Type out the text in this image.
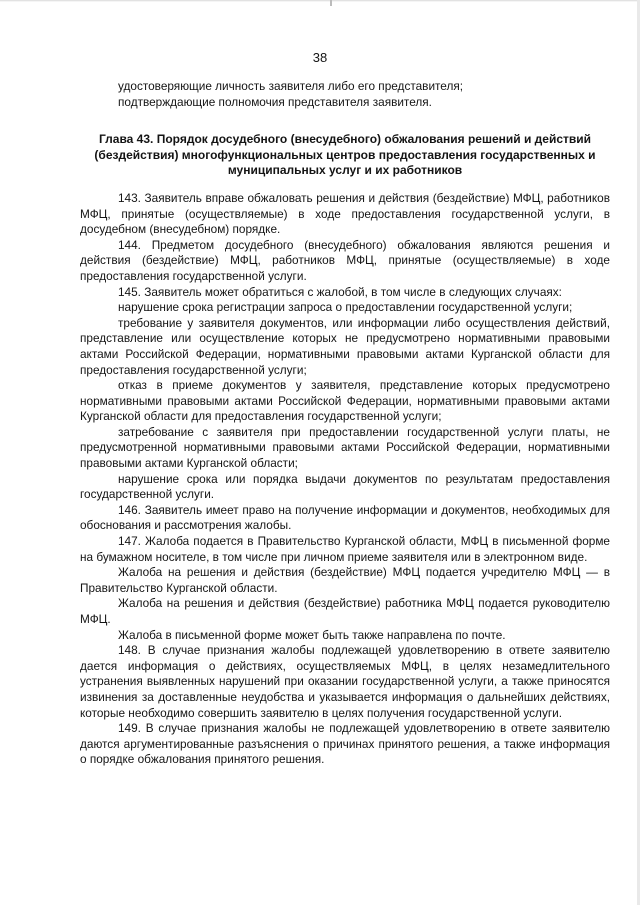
38

удостоверяющие личность заявителя либо его представителя;

подтверждающие полномочия представителя заявителя.

Глава 43. Порядок досудебного (внесудебного) обжалования решений и действий (бездействия) многофункциональных центров предоставления государственных и муниципальных услуг и их работников

143. Заявитель вправе обжаловать решения и действия (бездействие) МФЦ, работников МФЦ, принятые (осуществляемые) в ходе предоставления государственной услуги, в досудебном (внесудебном) порядке.

144. Предметом досудебного (внесудебного) обжалования являются решения и действия (бездействие) МФЦ, работников МФЦ, принятые (осуществляемые) в ходе предоставления государственной услуги.

145. Заявитель может обратиться с жалобой, в том числе в следующих случаях:

нарушение срока регистрации запроса о предоставлении государственной услуги;

требование у заявителя документов, или информации либо осуществления действий, представление или осуществление которых не предусмотрено нормативными правовыми актами Российской Федерации, нормативными правовыми актами Курганской области для предоставления государственной услуги;

отказ в приеме документов у заявителя, представление которых предусмотрено нормативными правовыми актами Российской Федерации, нормативными правовыми актами Курганской области для предоставления государственной услуги;

затребование с заявителя при предоставлении государственной услуги платы, не предусмотренной нормативными правовыми актами Российской Федерации, нормативными правовыми актами Курганской области;

нарушение срока или порядка выдачи документов по результатам предоставления государственной услуги.

146. Заявитель имеет право на получение информации и документов, необходимых для обоснования и рассмотрения жалобы.

147. Жалоба подается в Правительство Курганской области, МФЦ в письменной форме на бумажном носителе, в том числе при личном приеме заявителя или в электронном виде.

Жалоба на решения и действия (бездействие) МФЦ подается учредителю МФЦ — в Правительство Курганской области.

Жалоба на решения и действия (бездействие) работника МФЦ подается руководителю МФЦ.

Жалоба в письменной форме может быть также направлена по почте.

148. В случае признания жалобы подлежащей удовлетворению в ответе заявителю дается информация о действиях, осуществляемых МФЦ, в целях незамедлительного устранения выявленных нарушений при оказании государственной услуги, а также приносятся извинения за доставленные неудобства и указывается информация о дальнейших действиях, которые необходимо совершить заявителю в целях получения государственной услуги.

149. В случае признания жалобы не подлежащей удовлетворению в ответе заявителю даются аргументированные разъяснения о причинах принятого решения, а также информация о порядке обжалования принятого решения.
